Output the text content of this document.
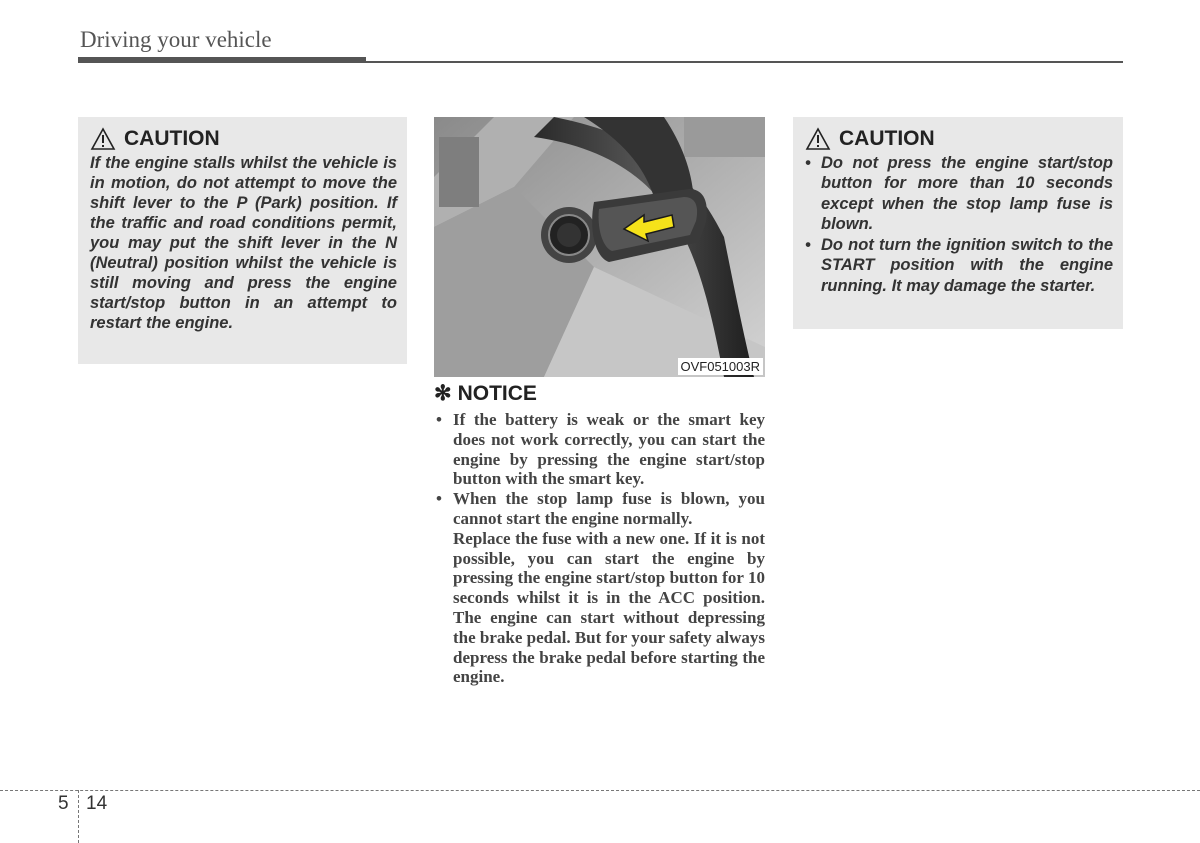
Driving your vehicle
CAUTION

If the engine stalls whilst the vehicle is in motion, do not attempt to move the shift lever to the P (Park) position. If the traffic and road conditions permit, you may put the shift lever in the N (Neutral) position whilst the vehicle is still moving and press the engine start/stop button in an attempt to restart the engine.

OVF051003R
✻ NOTICE

• If the battery is weak or the smart key does not work correctly, you can start the engine by pressing the engine start/stop button with the smart key.

• When the stop lamp fuse is blown, you cannot start the engine normally.

Replace the fuse with a new one. If it is not possible, you can start the engine by pressing the engine start/stop button for 10 seconds whilst it is in the ACC position. The engine can start without depressing the brake pedal. But for your safety always depress the brake pedal before starting the engine.

CAUTION
• Do not press the engine start/stop button for more than 10 seconds except when the stop lamp fuse is blown.
• Do not turn the ignition switch to the START position with the engine running. It may damage the starter.
5 14
